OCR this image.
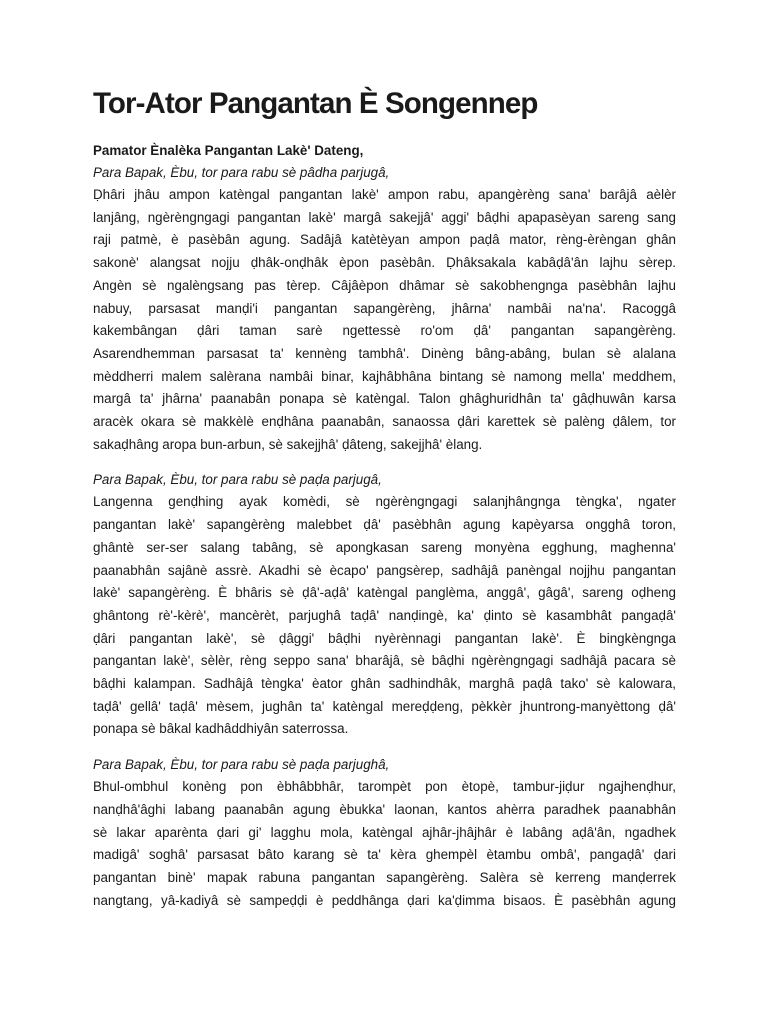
Tor-Ator Pangantan È Songennep

Pamator Ènalèka Pangantan Lakè' Dateng,

Para Bapak, Èbu, tor para rabu sè pâdha parjugâ,

Ḍhâri jhâu ampon katèngal pangantan lakè' ampon rabu, apangèrèng sana' barâjâ aèlèr
lanjâng, ngèrèngngagi pangantan lakè' margâ sakejjâ' aggi' bâḍhi apapasèyan sareng sang
raji patmè, è pasèbân agung. Sadâjâ katètèyan ampon paḍâ mator, rèng-èrèngan ghân
sakonè' alangsat nojju ḍhâk-onḍhâk èpon pasèbân. Ḍhâksakala kabâḍâ'ân lajhu sèrep.
Angèn sè ngalèngsang pas tèrep. Câjâèpon dhâmar sè sakobhengnga pasèbhân lajhu
nabuy, parsasat manḍi'i pangantan sapangèrèng, jhârna' nambâi na'na'. Racoggâ
kakembângan ḍâri taman sarè ngettessè ro'om ḍâ' pangantan sapangèrèng.
Asarendhemman parsasat ta' kennèng tambhâ'. Dinèng bâng-abâng, bulan sè alalana
mèddherri malem salèrana nambâi binar, kajhâbhâna bintang sè namong mella' meddhem,
margâ ta' jhârna' paanabân ponapa sè katèngal. Talon ghâghuridhân ta' gâḍhuwân karsa
aracèk okara sè makkèlè enḍhâna paanabân, sanaossa ḍâri karettek sè palèng ḍâlem, tor
sakaḍhâng aropa bun-arbun, sè sakejjhâ' ḍâteng, sakejjhâ' èlang.

Para Bapak, Èbu, tor para rabu sè paḍa parjugâ,

Langenna genḍhing ayak komèdi, sè ngèrèngngagi salanjhângnga tèngka', ngater
pangantan lakè' sapangèrèng malebbet ḍâ' pasèbhân agung kapèyarsa ongghâ toron,
ghântè ser-ser salang tabâng, sè apongkasan sareng monyèna egghung, maghenna'
paanabhân sajânè assrè. Akadhi sè ècapo' pangsèrep, sadhâjâ panèngal nojjhu pangantan
lakè' sapangèrèng. È bhâris sè ḍâ'-aḍâ' katèngal panglèma, anggâ', gâgâ', sareng oḍheng
ghântong rè'-kèrè', mancèrèt, parjughâ taḍâ' nanḍingè, ka' ḍinto sè kasambhât pangaḍâ'
ḍâri pangantan lakè', sè ḍâggi' bâḍhi nyèrènnagi pangantan lakè'. È bingkèngnga
pangantan lakè', sèlèr, rèng seppo sana' bharâjâ, sè bâḍhi ngèrèngngagi sadhâjâ pacara sè
bâḍhi kalampan. Sadhâjâ tèngka' èator ghân sadhindhâk, marghâ paḍâ tako' sè kalowara,
taḍâ' gellâ' taḍâ' mèsem, jughân ta' katèngal mereḍḍeng, pèkkèr jhuntrong-manyèttong ḍâ'
ponapa sè bâkal kadhâddhiyân saterrossa.

Para Bapak, Èbu, tor para rabu sè paḍa parjughâ,

Bhul-ombhul konèng pon èbhâbbhâr, tarompèt pon ètopè, tambur-jiḍur ngajhenḍhur,
nanḍhâ'âghi labang paanabân agung èbukka' laonan, kantos ahèrra paradhek paanabhân
sè lakar aparènta ḍari gi' lagghu mola, katèngal ajhâr-jhâjhâr è labâng aḍâ'ân, ngadhek
madigâ' soghâ' parsasat bâto karang sè ta' kèra ghempèl ètambu ombâ', pangaḍâ' ḍari
pangantan binè' mapak rabuna pangantan sapangèrèng. Salèra sè kerreng manḍerrek
nangtang, yâ-kadiyâ sè sampeḍḍi è peddhânga ḍari ka'ḍimma bisaos. È pasèbhân agung
